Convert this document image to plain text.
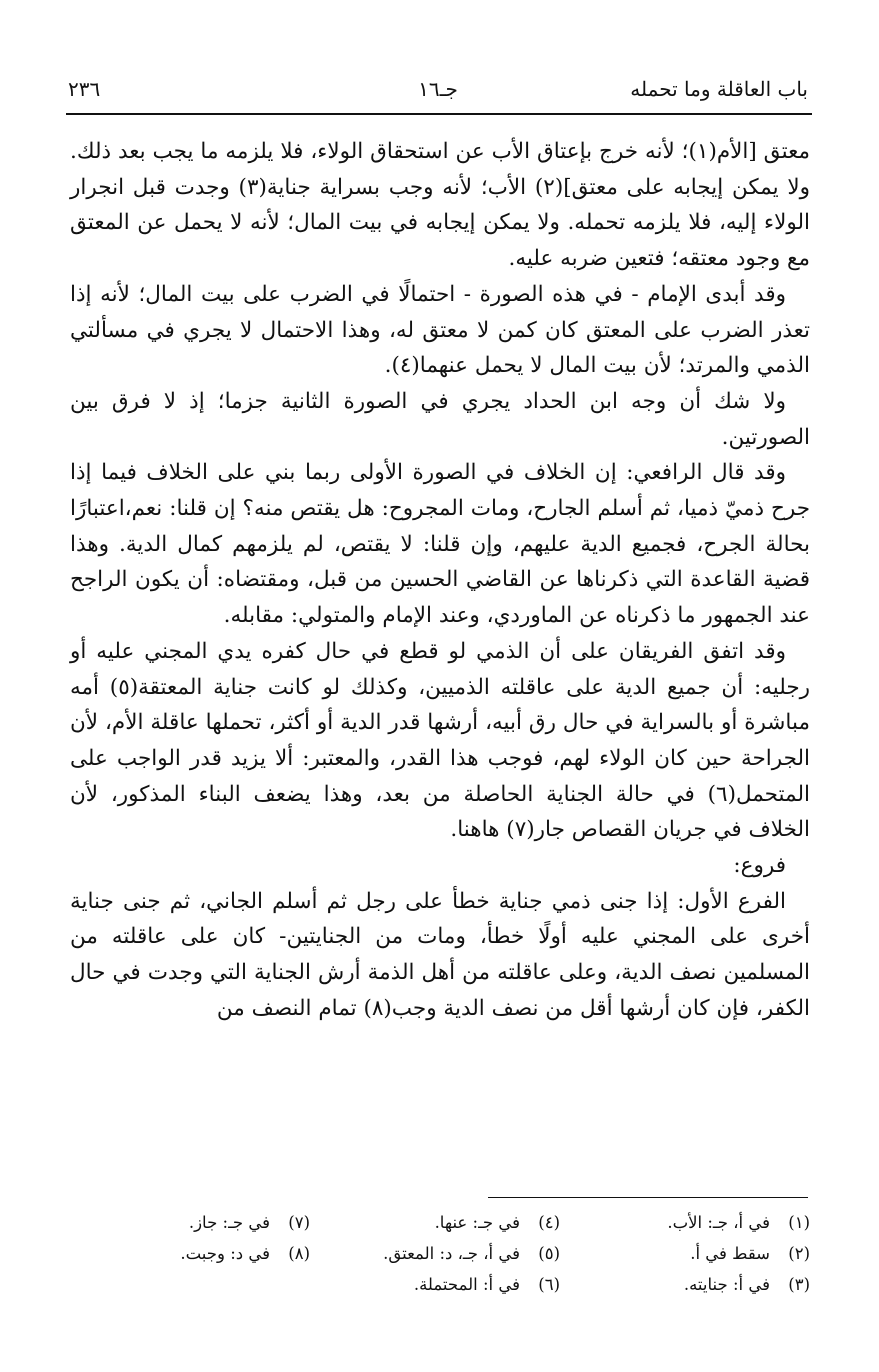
باب العاقلة وما تحمله
جـ١٦
٢٣٦

معتق [الأم(١)؛ لأنه خرج بإعتاق الأب عن استحقاق الولاء، فلا يلزمه ما يجب بعد ذلك. ولا يمكن إيجابه على معتق](٢) الأب؛ لأنه وجب بسراية جناية(٣) وجدت قبل انجرار الولاء إليه، فلا يلزمه تحمله. ولا يمكن إيجابه في بيت المال؛ لأنه لا يحمل عن المعتق مع وجود معتقه؛ فتعين ضربه عليه.

وقد أبدى الإمام - في هذه الصورة - احتمالًا في الضرب على بيت المال؛ لأنه إذا تعذر الضرب على المعتق كان كمن لا معتق له، وهذا الاحتمال لا يجري في مسألتي الذمي والمرتد؛ لأن بيت المال لا يحمل عنهما(٤).

ولا شك أن وجه ابن الحداد يجري في الصورة الثانية جزما؛ إذ لا فرق بين الصورتين.

وقد قال الرافعي: إن الخلاف في الصورة الأولى ربما بني على الخلاف فيما إذا جرح ذميّ ذميا، ثم أسلم الجارح، ومات المجروح: هل يقتص منه؟ إن قلنا: نعم،اعتبارًا بحالة الجرح، فجميع الدية عليهم، وإن قلنا: لا يقتص، لم يلزمهم كمال الدية. وهذا قضية القاعدة التي ذكرناها عن القاضي الحسين من قبل، ومقتضاه: أن يكون الراجح عند الجمهور ما ذكرناه عن الماوردي، وعند الإمام والمتولي: مقابله.

وقد اتفق الفريقان على أن الذمي لو قطع في حال كفره يدي المجني عليه أو رجليه: أن جميع الدية على عاقلته الذميين، وكذلك لو كانت جناية المعتقة(٥) أمه مباشرة أو بالسراية في حال رق أبيه، أرشها قدر الدية أو أكثر، تحملها عاقلة الأم، لأن الجراحة حين كان الولاء لهم، فوجب هذا القدر، والمعتبر: ألا يزيد قدر الواجب على المتحمل(٦) في حالة الجناية الحاصلة من بعد، وهذا يضعف البناء المذكور، لأن الخلاف في جريان القصاص جار(٧) هاهنا.

فروع:

الفرع الأول: إذا جنى ذمي جناية خطأ على رجل ثم أسلم الجاني، ثم جنى جناية أخرى على المجني عليه أولًا خطأ، ومات من الجنايتين- كان على عاقلته من المسلمين نصف الدية، وعلى عاقلته من أهل الذمة أرش الجناية التي وجدت في حال الكفر، فإن كان أرشها أقل من نصف الدية وجب(٨) تمام النصف من

(١)في أ، جـ: الأب.
(٢)سقط في أ.
(٣)في أ: جنايته.
(٤)في جـ: عنها.
(٥)في أ، جـ، د: المعتق.
(٦)في أ: المحتملة.
(٧)في جـ: جاز.
(٨)في د: وجبت.
